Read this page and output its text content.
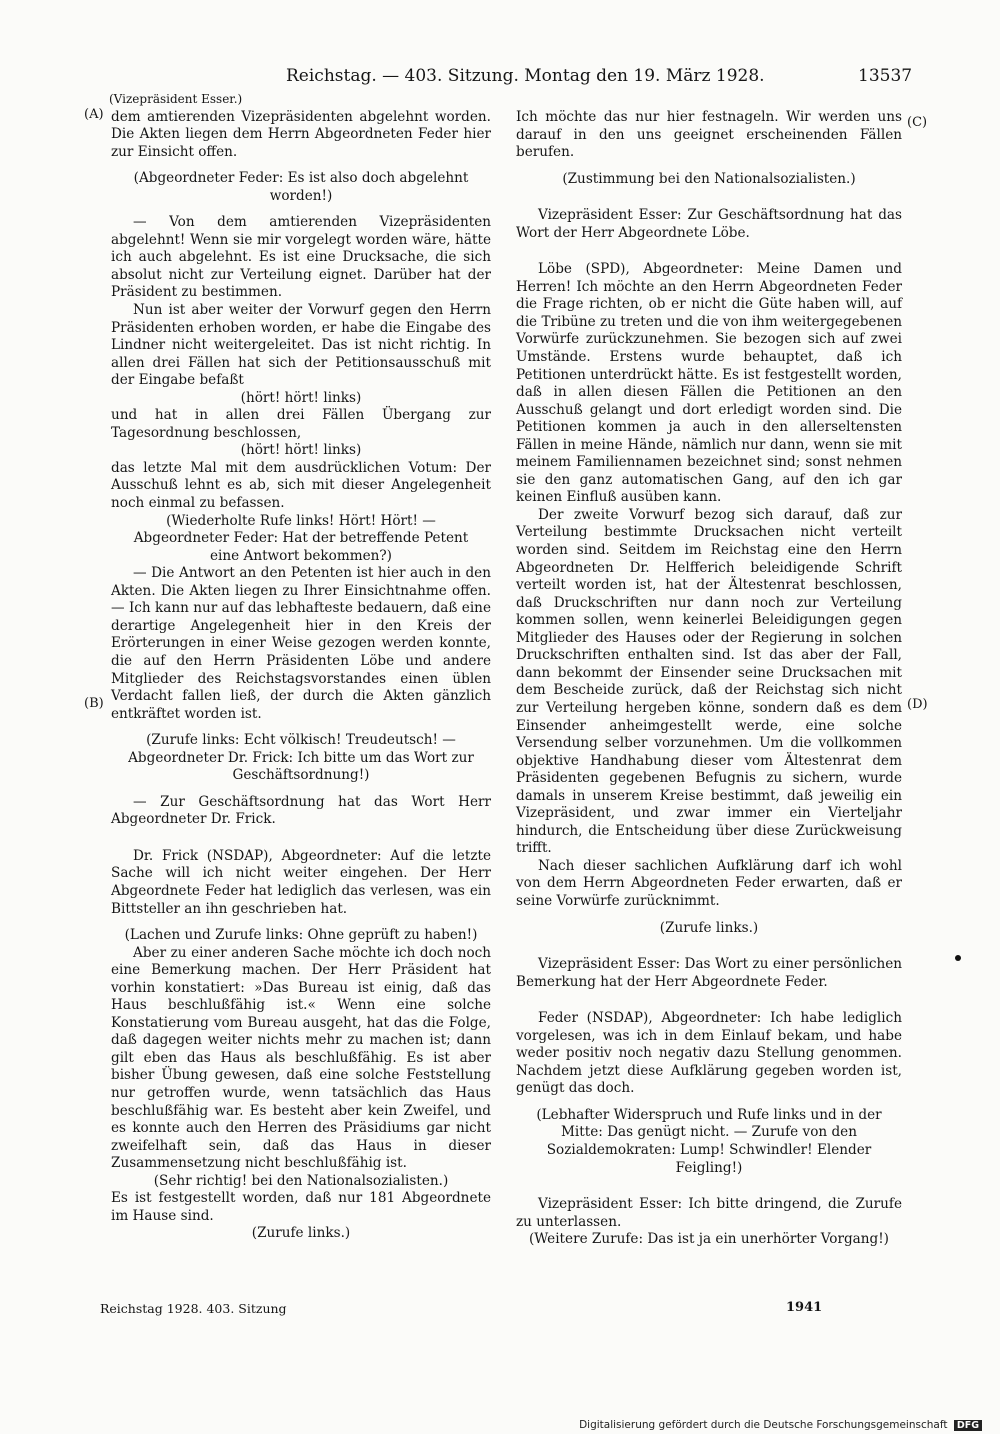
Reichstag. — 403. Sitzung. Montag den 19. März 1928.	13537
(A)
(B)
(C)
(D)

(Vizepräsident Esser.)

dem amtierenden Vizepräsidenten abgelehnt worden. Die Akten liegen dem Herrn Abgeordneten Feder hier zur Einsicht offen.

(Abgeordneter Feder: Es ist also doch abgelehnt worden!)

— Von dem amtierenden Vizepräsidenten abgelehnt! Wenn sie mir vorgelegt worden wäre, hätte ich auch abgelehnt. Es ist eine Drucksache, die sich absolut nicht zur Verteilung eignet. Darüber hat der Präsident zu bestimmen.

Nun ist aber weiter der Vorwurf gegen den Herrn Präsidenten erhoben worden, er habe die Eingabe des Lindner nicht weitergeleitet. Das ist nicht richtig. In allen drei Fällen hat sich der Petitionsausschuß mit der Eingabe befaßt

(hört! hört! links)

und hat in allen drei Fällen Übergang zur Tagesordnung beschlossen,

(hört! hört! links)

das letzte Mal mit dem ausdrücklichen Votum: Der Ausschuß lehnt es ab, sich mit dieser Angelegenheit noch einmal zu befassen.

(Wiederholte Rufe links! Hört! Hört! — Abgeordneter Feder: Hat der betreffende Petent eine Antwort bekommen?)

— Die Antwort an den Petenten ist hier auch in den Akten. Die Akten liegen zu Ihrer Einsichtnahme offen. — Ich kann nur auf das lebhafteste bedauern, daß eine derartige Angelegenheit hier in den Kreis der Erörterungen in einer Weise gezogen werden konnte, die auf den Herrn Präsidenten Löbe und andere Mitglieder des Reichstagsvorstandes einen üblen Verdacht fallen ließ, der durch die Akten gänzlich entkräftet worden ist.

(Zurufe links: Echt völkisch! Treudeutsch! — Abgeordneter Dr. Frick: Ich bitte um das Wort zur Geschäftsordnung!)

— Zur Geschäftsordnung hat das Wort Herr Abgeordneter Dr. Frick.

Dr. Frick (NSDAP), Abgeordneter: Auf die letzte Sache will ich nicht weiter eingehen. Der Herr Abgeordnete Feder hat lediglich das verlesen, was ein Bittsteller an ihn geschrieben hat.

(Lachen und Zurufe links: Ohne geprüft zu haben!)

Aber zu einer anderen Sache möchte ich doch noch eine Bemerkung machen. Der Herr Präsident hat vorhin konstatiert: »Das Bureau ist einig, daß das Haus beschlußfähig ist.« Wenn eine solche Konstatierung vom Bureau ausgeht, hat das die Folge, daß dagegen weiter nichts mehr zu machen ist; dann gilt eben das Haus als beschlußfähig. Es ist aber bisher Übung gewesen, daß eine solche Feststellung nur getroffen wurde, wenn tatsächlich das Haus beschlußfähig war. Es besteht aber kein Zweifel, und es konnte auch den Herren des Präsidiums gar nicht zweifelhaft sein, daß das Haus in dieser Zusammensetzung nicht beschlußfähig ist.

(Sehr richtig! bei den Nationalsozialisten.)

Es ist festgestellt worden, daß nur 181 Abgeordnete im Hause sind.

(Zurufe links.)

Ich möchte das nur hier festnageln. Wir werden uns darauf in den uns geeignet erscheinenden Fällen berufen.

(Zustimmung bei den Nationalsozialisten.)

Vizepräsident Esser: Zur Geschäftsordnung hat das Wort der Herr Abgeordnete Löbe.

Löbe (SPD), Abgeordneter: Meine Damen und Herren! Ich möchte an den Herrn Abgeordneten Feder die Frage richten, ob er nicht die Güte haben will, auf die Tribüne zu treten und die von ihm weitergegebenen Vorwürfe zurückzunehmen. Sie bezogen sich auf zwei Umstände. Erstens wurde behauptet, daß ich Petitionen unterdrückt hätte. Es ist festgestellt worden, daß in allen diesen Fällen die Petitionen an den Ausschuß gelangt und dort erledigt worden sind. Die Petitionen kommen ja auch in den allerseltensten Fällen in meine Hände, nämlich nur dann, wenn sie mit meinem Familiennamen bezeichnet sind; sonst nehmen sie den ganz automatischen Gang, auf den ich gar keinen Einfluß ausüben kann.

Der zweite Vorwurf bezog sich darauf, daß zur Verteilung bestimmte Drucksachen nicht verteilt worden sind. Seitdem im Reichstag eine den Herrn Abgeordneten Dr. Helfferich beleidigende Schrift verteilt worden ist, hat der Ältestenrat beschlossen, daß Druckschriften nur dann noch zur Verteilung kommen sollen, wenn keinerlei Beleidigungen gegen Mitglieder des Hauses oder der Regierung in solchen Druckschriften enthalten sind. Ist das aber der Fall, dann bekommt der Einsender seine Drucksachen mit dem Bescheide zurück, daß der Reichstag sich nicht zur Verteilung hergeben könne, sondern daß es dem Einsender anheimgestellt werde, eine solche Versendung selber vorzunehmen. Um die vollkommen objektive Handhabung dieser vom Ältestenrat dem Präsidenten gegebenen Befugnis zu sichern, wurde damals in unserem Kreise bestimmt, daß jeweilig ein Vizepräsident, und zwar immer ein Vierteljahr hindurch, die Entscheidung über diese Zurückweisung trifft.

Nach dieser sachlichen Aufklärung darf ich wohl von dem Herrn Abgeordneten Feder erwarten, daß er seine Vorwürfe zurücknimmt.

(Zurufe links.)

Vizepräsident Esser: Das Wort zu einer persönlichen Bemerkung hat der Herr Abgeordnete Feder.

Feder (NSDAP), Abgeordneter: Ich habe lediglich vorgelesen, was ich in dem Einlauf bekam, und habe weder positiv noch negativ dazu Stellung genommen. Nachdem jetzt diese Aufklärung gegeben worden ist, genügt das doch.

(Lebhafter Widerspruch und Rufe links und in der Mitte: Das genügt nicht. — Zurufe von den Sozialdemokraten: Lump! Schwindler! Elender Feigling!)

Vizepräsident Esser: Ich bitte dringend, die Zurufe zu unterlassen.

(Weitere Zurufe: Das ist ja ein unerhörter Vorgang!)

Reichstag 1928. 403. Sitzung	1941
Digitalisierung gefördert durch die Deutsche Forschungsgemeinschaft DFG
